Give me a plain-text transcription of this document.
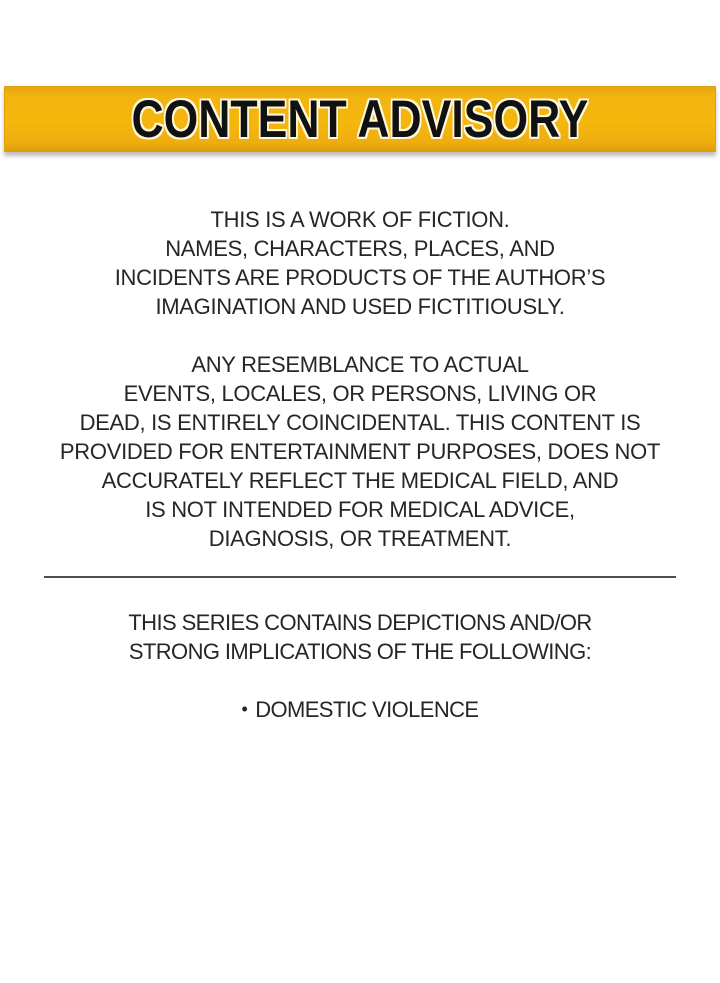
CONTENT ADVISORY
THIS IS A WORK OF FICTION.
NAMES, CHARACTERS, PLACES, AND
INCIDENTS ARE PRODUCTS OF THE AUTHOR’S
IMAGINATION AND USED FICTITIOUSLY.
ANY RESEMBLANCE TO ACTUAL
EVENTS, LOCALES, OR PERSONS, LIVING OR
DEAD, IS ENTIRELY COINCIDENTAL. THIS CONTENT IS
PROVIDED FOR ENTERTAINMENT PURPOSES, DOES NOT
ACCURATELY REFLECT THE MEDICAL FIELD, AND
IS NOT INTENDED FOR MEDICAL ADVICE,
DIAGNOSIS, OR TREATMENT.
THIS SERIES CONTAINS DEPICTIONS AND/OR
STRONG IMPLICATIONS OF THE FOLLOWING:
• DOMESTIC VIOLENCE
